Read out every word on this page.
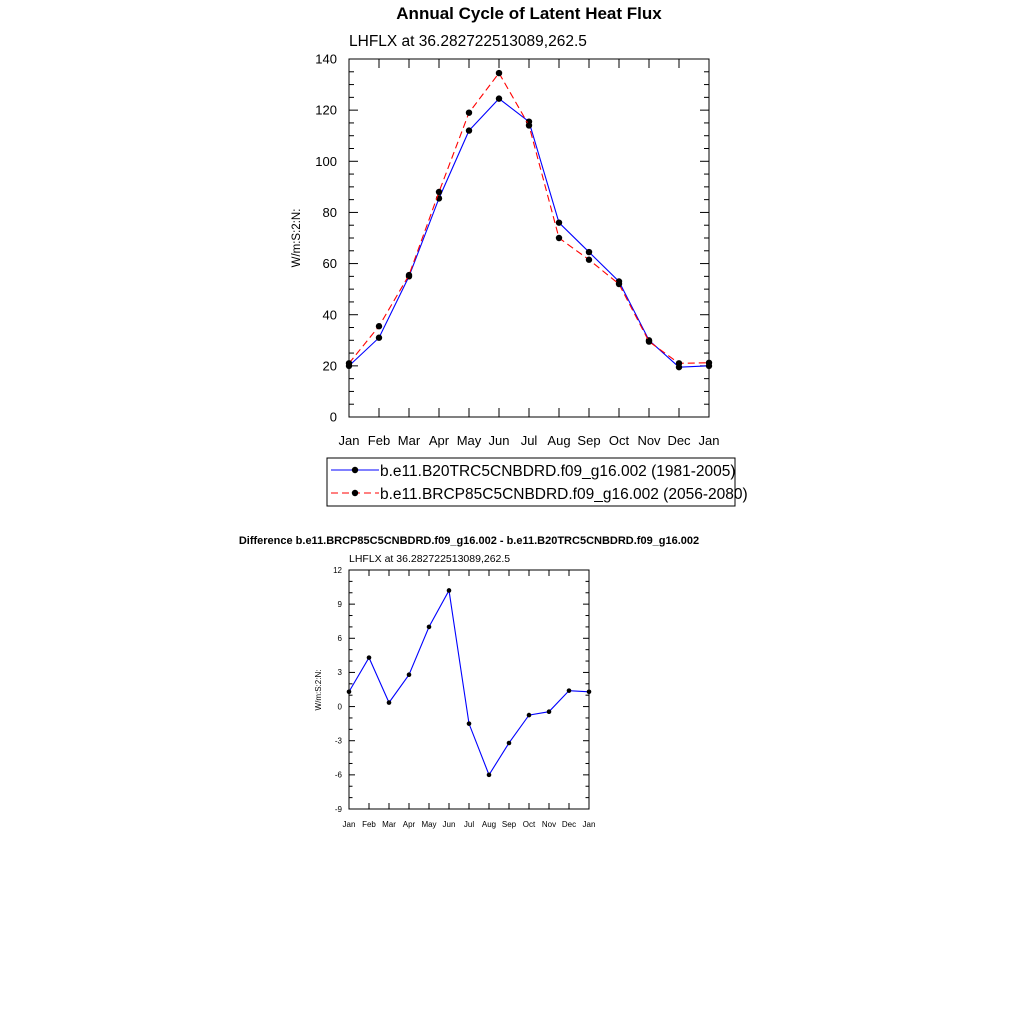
Annual Cycle of Latent Heat Flux
LHFLX at 36.282722513089,262.5
W/m:S:2:N:
Jan Feb Mar Apr May Jun Jul Aug Sep Oct Nov Dec Jan
0
20
40
60
80
100
120
140
b.e11.B20TRC5CNBDRD.f09_g16.002 (1981-2005)
b.e11.BRCP85C5CNBDRD.f09_g16.002 (2056-2080)
Difference b.e11.BRCP85C5CNBDRD.f09_g16.002 - b.e11.B20TRC5CNBDRD.f09_g16.002
LHFLX at 36.282722513089,262.5
W/m:S:2:N:
Jan Feb Mar Apr May Jun Jul Aug Sep Oct Nov Dec Jan
-9
-6
-3
0
3
6
9
12
